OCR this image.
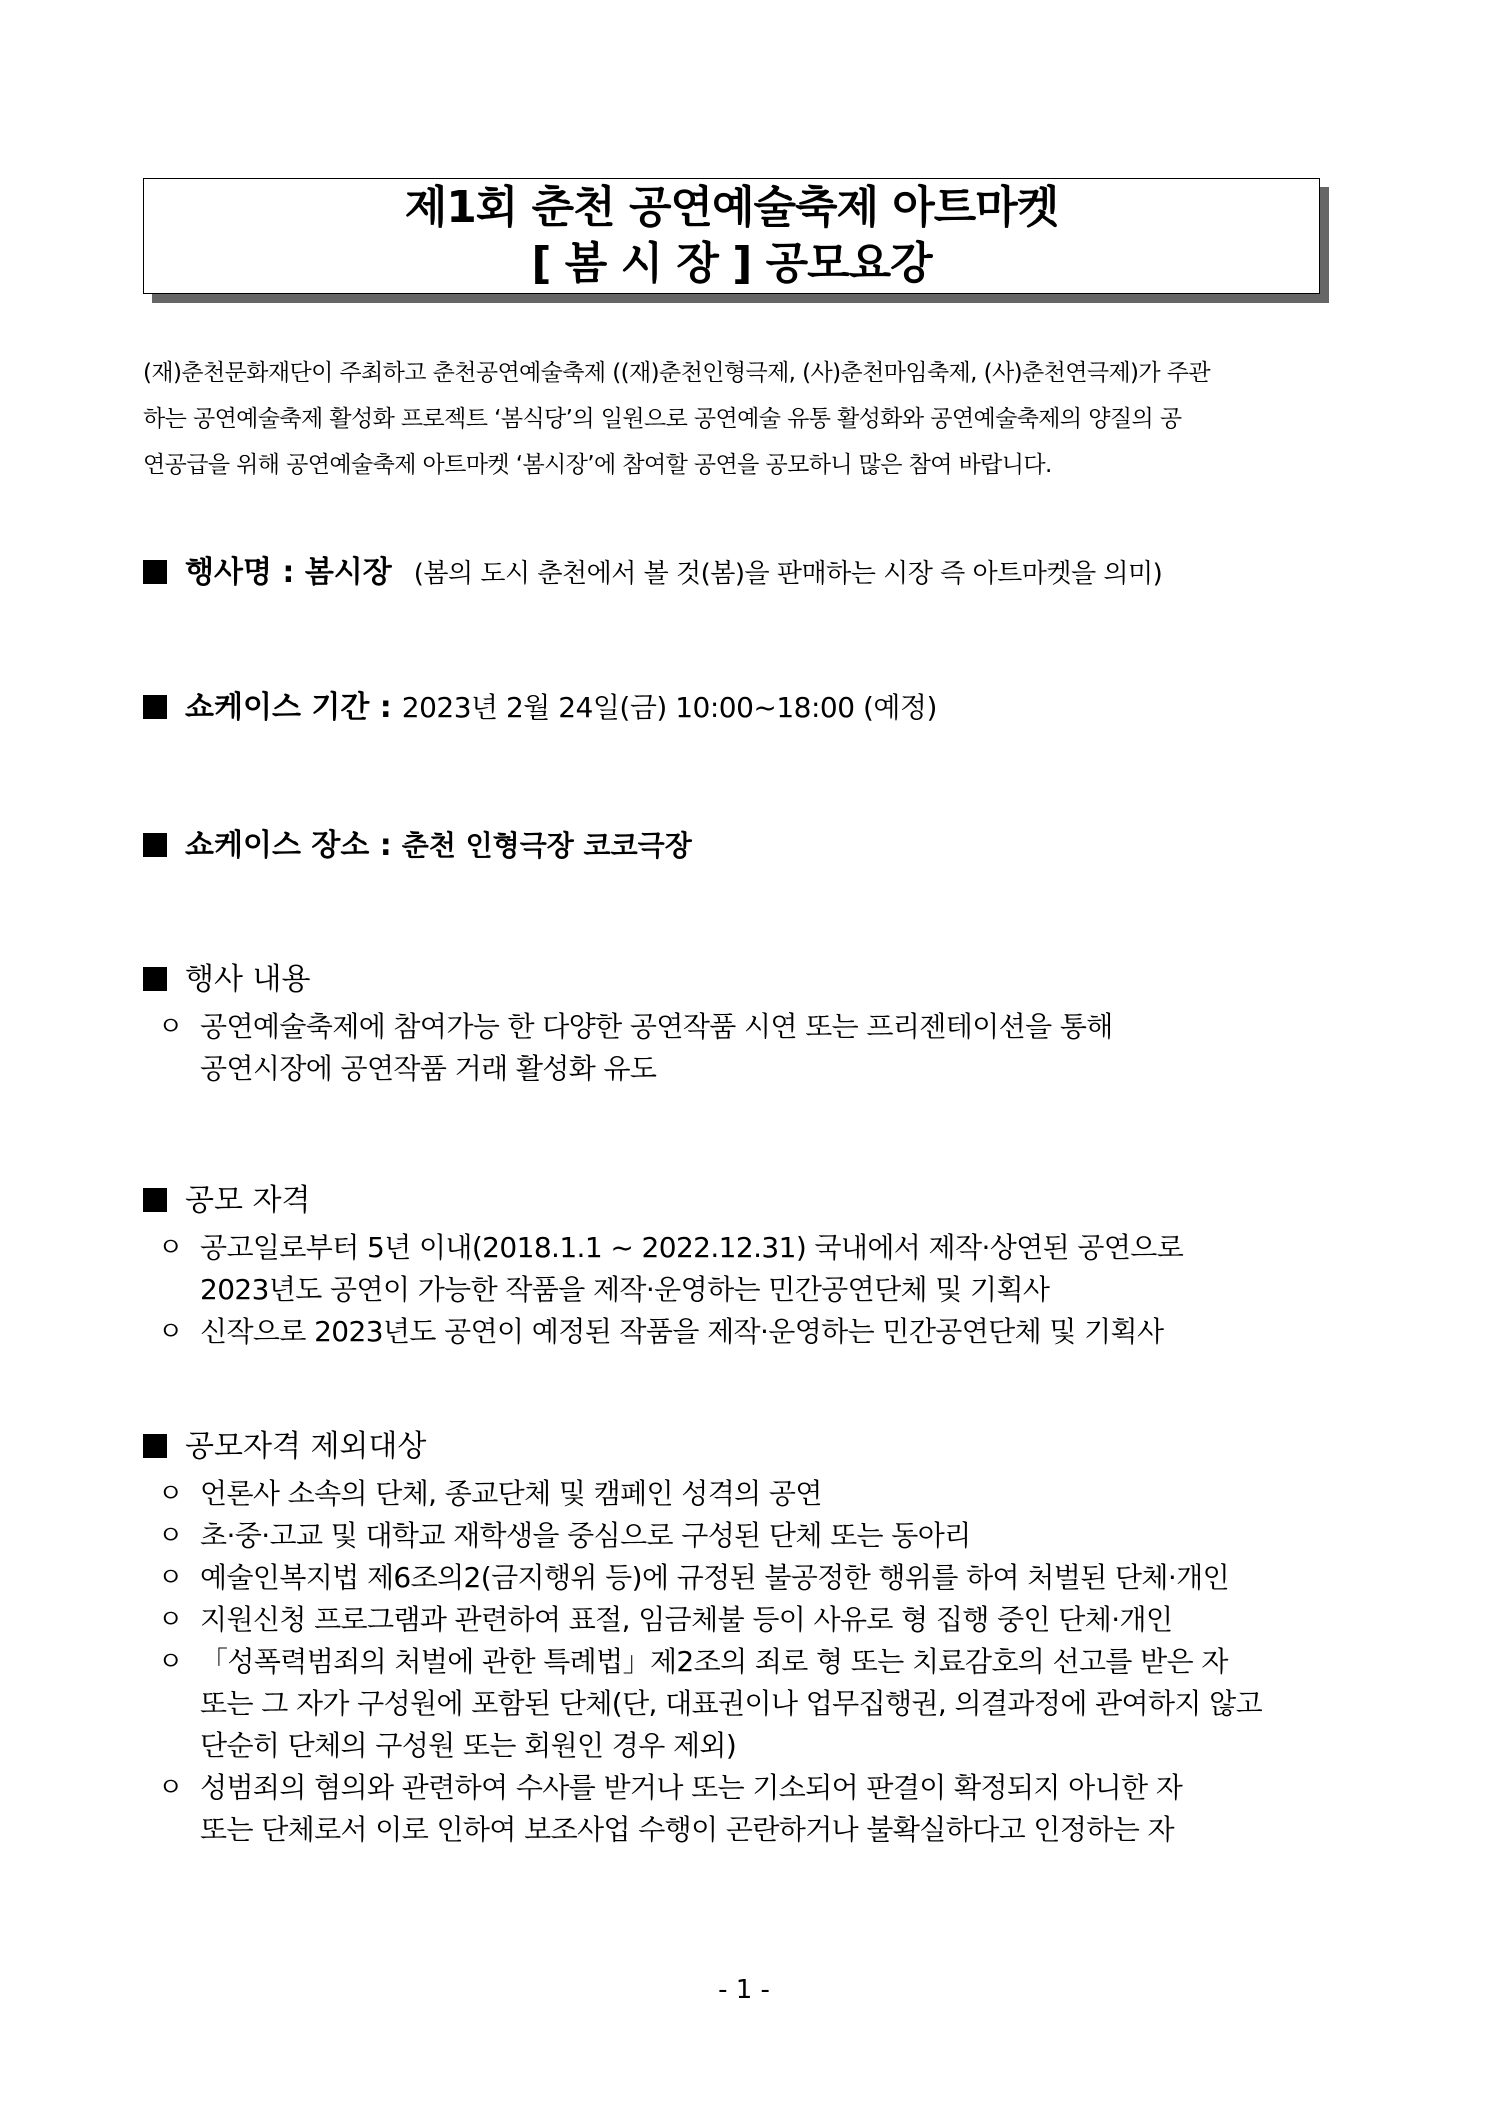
제1회 춘천 공연예술축제 아트마켓
[ 봄 시 장 ] 공모요강
(재)춘천문화재단이 주최하고 춘천공연예술축제 ((재)춘천인형극제, (사)춘천마임축제, (사)춘천연극제)가 주관
하는 공연예술축제 활성화 프로젝트 ‘봄식당’의 일원으로 공연예술 유통 활성화와 공연예술축제의 양질의 공
연공급을 위해 공연예술축제 아트마켓 ‘봄시장’에 참여할 공연을 공모하니 많은 참여 바랍니다.
행사명 : 봄시장 (봄의 도시 춘천에서 볼 것(봄)을 판매하는 시장 즉 아트마켓을 의미)
쇼케이스 기간 : 2023년 2월 24일(금) 10:00~18:00 (예정)
쇼케이스 장소 : 춘천 인형극장 코코극장
행사 내용
ㅇ 공연예술축제에 참여가능 한 다양한 공연작품 시연 또는 프리젠테이션을 통해
공연시장에 공연작품 거래 활성화 유도
공모 자격
ㅇ 공고일로부터 5년 이내(2018.1.1 ~ 2022.12.31) 국내에서 제작·상연된 공연으로
2023년도 공연이 가능한 작품을 제작·운영하는 민간공연단체 및 기획사
ㅇ 신작으로 2023년도 공연이 예정된 작품을 제작·운영하는 민간공연단체 및 기획사
공모자격 제외대상
ㅇ 언론사 소속의 단체, 종교단체 및 캠페인 성격의 공연
ㅇ 초·중·고교 및 대학교 재학생을 중심으로 구성된 단체 또는 동아리
ㅇ 예술인복지법 제6조의2(금지행위 등)에 규정된 불공정한 행위를 하여 처벌된 단체·개인
ㅇ 지원신청 프로그램과 관련하여 표절, 임금체불 등이 사유로 형 집행 중인 단체·개인
ㅇ 「성폭력범죄의 처벌에 관한 특례법」제2조의 죄로 형 또는 치료감호의 선고를 받은 자
또는 그 자가 구성원에 포함된 단체(단, 대표권이나 업무집행권, 의결과정에 관여하지 않고
단순히 단체의 구성원 또는 회원인 경우 제외)
ㅇ 성범죄의 혐의와 관련하여 수사를 받거나 또는 기소되어 판결이 확정되지 아니한 자
또는 단체로서 이로 인하여 보조사업 수행이 곤란하거나 불확실하다고 인정하는 자
- 1 -
